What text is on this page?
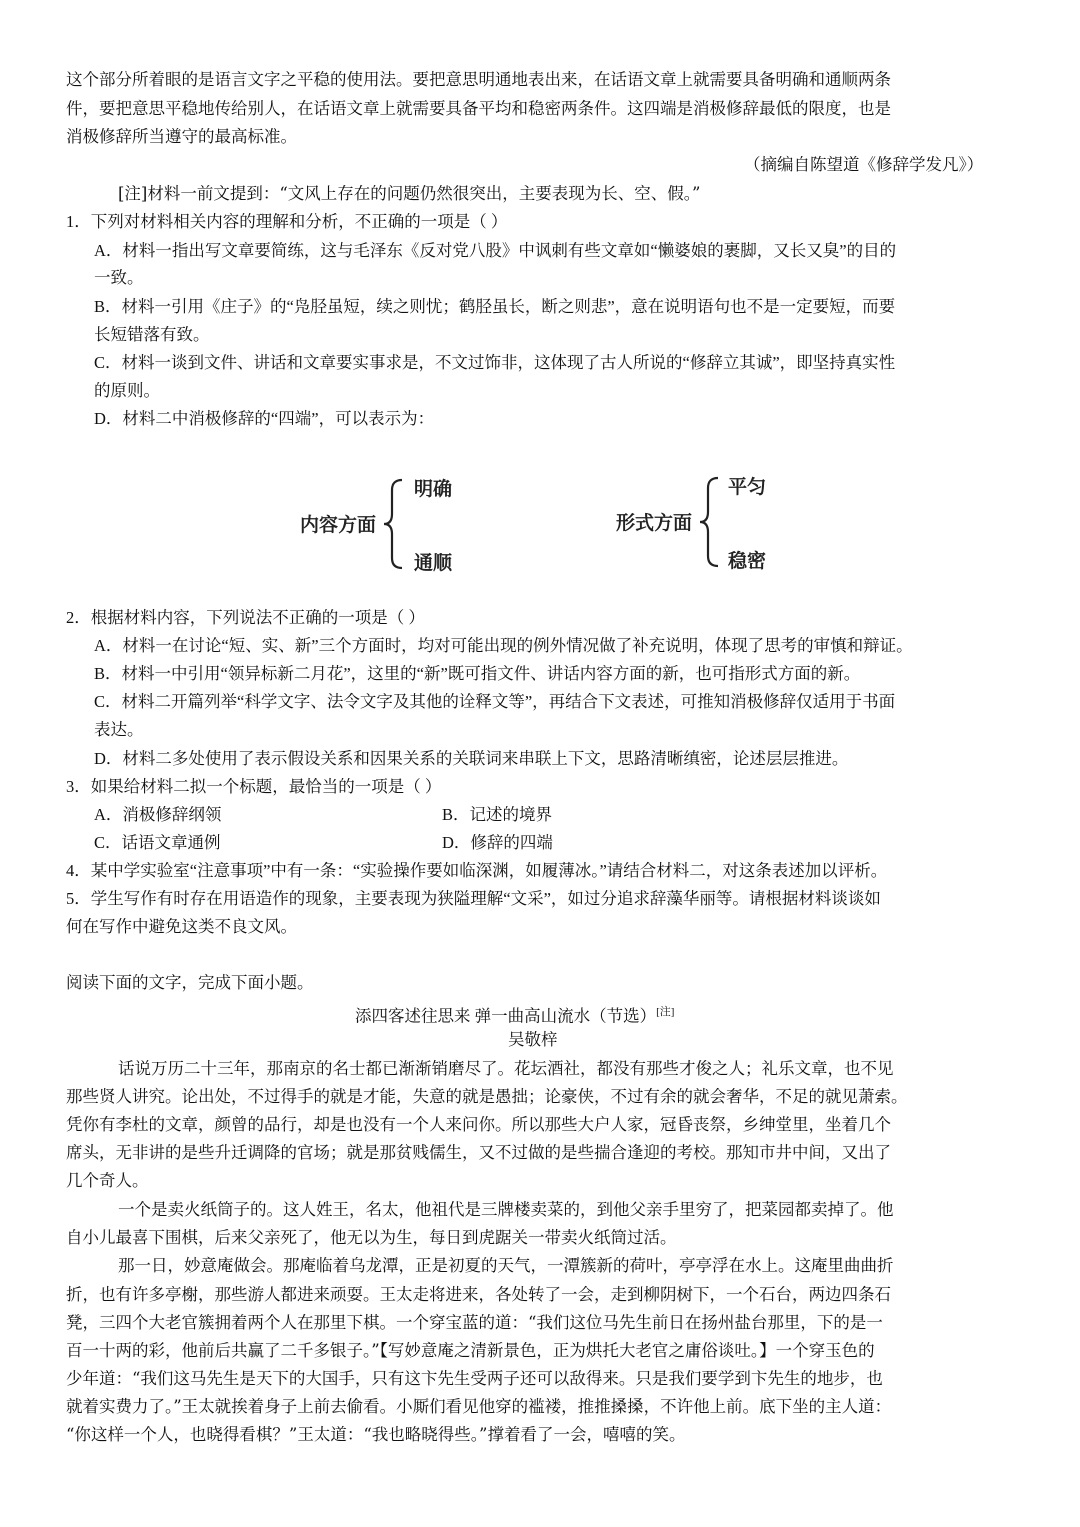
这个部分所着眼的是语言文字之平稳的使用法。要把意思明通地表出来，在话语文章上就需要具备明确和通顺两条
件，要把意思平稳地传给别人，在话语文章上就需要具备平均和稳密两条件。这四端是消极修辞最低的限度，也是
消极修辞所当遵守的最高标准。
（摘编自陈望道《修辞学发凡》）
[注]材料一前文提到：“文风上存在的问题仍然很突出，主要表现为长、空、假。”
1．下列对材料相关内容的理解和分析，不正确的一项是（ ）
A．材料一指出写文章要简练，这与毛泽东《反对党八股》中讽刺有些文章如“懒婆娘的裹脚，又长又臭”的目的
一致。
B．材料一引用《庄子》的“凫胫虽短，续之则忧；鹤胫虽长，断之则悲”，意在说明语句也不是一定要短，而要
长短错落有致。
C．材料一谈到文件、讲话和文章要实事求是，不文过饰非，这体现了古人所说的“修辞立其诚”，即坚持真实性
的原则。
D．材料二中消极修辞的“四端”，可以表示为：
内容方面
明确
通顺
形式方面
平匀
稳密
2．根据材料内容，下列说法不正确的一项是（ ）
A．材料一在讨论“短、实、新”三个方面时，均对可能出现的例外情况做了补充说明，体现了思考的审慎和辩证。
B．材料一中引用“领异标新二月花”，这里的“新”既可指文件、讲话内容方面的新，也可指形式方面的新。
C．材料二开篇列举“科学文字、法令文字及其他的诠释文等”，再结合下文表述，可推知消极修辞仅适用于书面
表达。
D．材料二多处使用了表示假设关系和因果关系的关联词来串联上下文，思路清晰缜密，论述层层推进。
3．如果给材料二拟一个标题，最恰当的一项是（ ）
A．消极修辞纲领	B．记述的境界
C．话语文章通例	D．修辞的四端
4．某中学实验室“注意事项”中有一条：“实验操作要如临深渊，如履薄冰。”请结合材料二，对这条表述加以评析。
5．学生写作有时存在用语造作的现象，主要表现为狭隘理解“文采”，如过分追求辞藻华丽等。请根据材料谈谈如
何在写作中避免这类不良文风。
阅读下面的文字，完成下面小题。
添四客述往思来 弹一曲高山流水（节选）[注]
吴敬梓
话说万历二十三年，那南京的名士都已渐渐销磨尽了。花坛酒社，都没有那些才俊之人；礼乐文章，也不见
那些贤人讲究。论出处，不过得手的就是才能，失意的就是愚拙；论豪侠，不过有余的就会奢华，不足的就见萧索。
凭你有李杜的文章，颜曾的品行，却是也没有一个人来问你。所以那些大户人家，冠昏丧祭，乡绅堂里，坐着几个
席头，无非讲的是些升迁调降的官场；就是那贫贱儒生，又不过做的是些揣合逢迎的考校。那知市井中间，又出了
几个奇人。
一个是卖火纸筒子的。这人姓王，名太，他祖代是三牌楼卖菜的，到他父亲手里穷了，把菜园都卖掉了。他
自小儿最喜下围棋，后来父亲死了，他无以为生，每日到虎踞关一带卖火纸筒过活。
那一日，妙意庵做会。那庵临着乌龙潭，正是初夏的天气，一潭簇新的荷叶，亭亭浮在水上。这庵里曲曲折
折，也有许多亭榭，那些游人都进来顽耍。王太走将进来，各处转了一会，走到柳阴树下，一个石台，两边四条石
凳，三四个大老官簇拥着两个人在那里下棋。一个穿宝蓝的道：“我们这位马先生前日在扬州盐台那里，下的是一
百一十两的彩，他前后共赢了二千多银子。”【写妙意庵之清新景色，正为烘托大老官之庸俗谈吐。】一个穿玉色的
少年道：“我们这马先生是天下的大国手，只有这卞先生受两子还可以敌得来。只是我们要学到卞先生的地步，也
就着实费力了。”王太就挨着身子上前去偷看。小厮们看见他穿的褴褛，推推搡搡，不许他上前。底下坐的主人道：
“你这样一个人，也晓得看棋？”王太道：“我也略晓得些。”撑着看了一会，嘻嘻的笑。
